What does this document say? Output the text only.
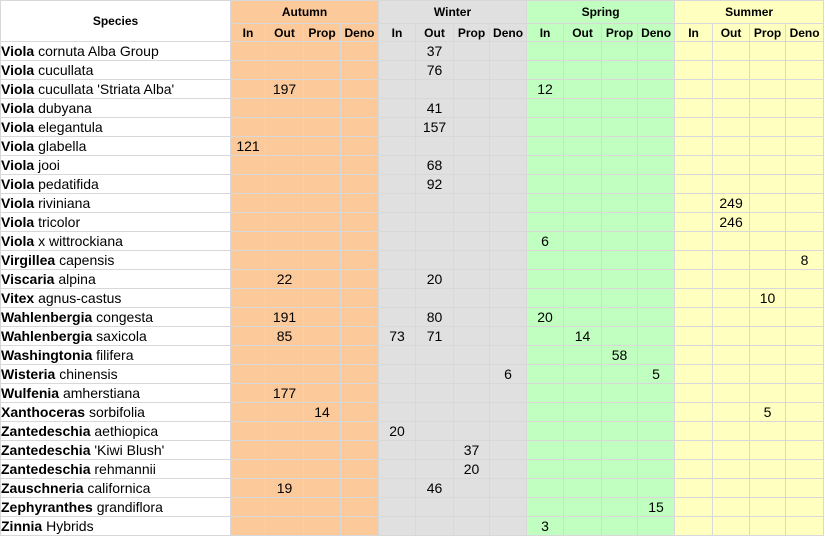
Species	Autumn				Winter				Spring				Summer			
	In	Out	Prop	Deno	In	Out	Prop	Deno	In	Out	Prop	Deno	In	Out	Prop	Deno
Viola cornuta Alba Group						37										
Viola cucullata						76										
Viola cucullata 'Striata Alba'		197							12							
Viola dubyana						41										
Viola elegantula						157										
Viola glabella	121															
Viola jooi						68										
Viola pedatifida						92										
Viola riviniana														249		
Viola tricolor														246		
Viola x wittrockiana									6							
Virgillea capensis																8
Viscaria alpina		22				20										
Vitex agnus-castus															10	
Wahlenbergia congesta		191				80			20							
Wahlenbergia saxicola		85			73	71				14						
Washingtonia filifera											58					
Wisteria chinensis								6				5				
Wulfenia amherstiana		177														
Xanthoceras sorbifolia			14												5	
Zantedeschia aethiopica					20											
Zantedeschia 'Kiwi Blush'							37									
Zantedeschia rehmannii							20									
Zauschneria californica		19				46										
Zephyranthes grandiflora												15				
Zinnia Hybrids									3							
